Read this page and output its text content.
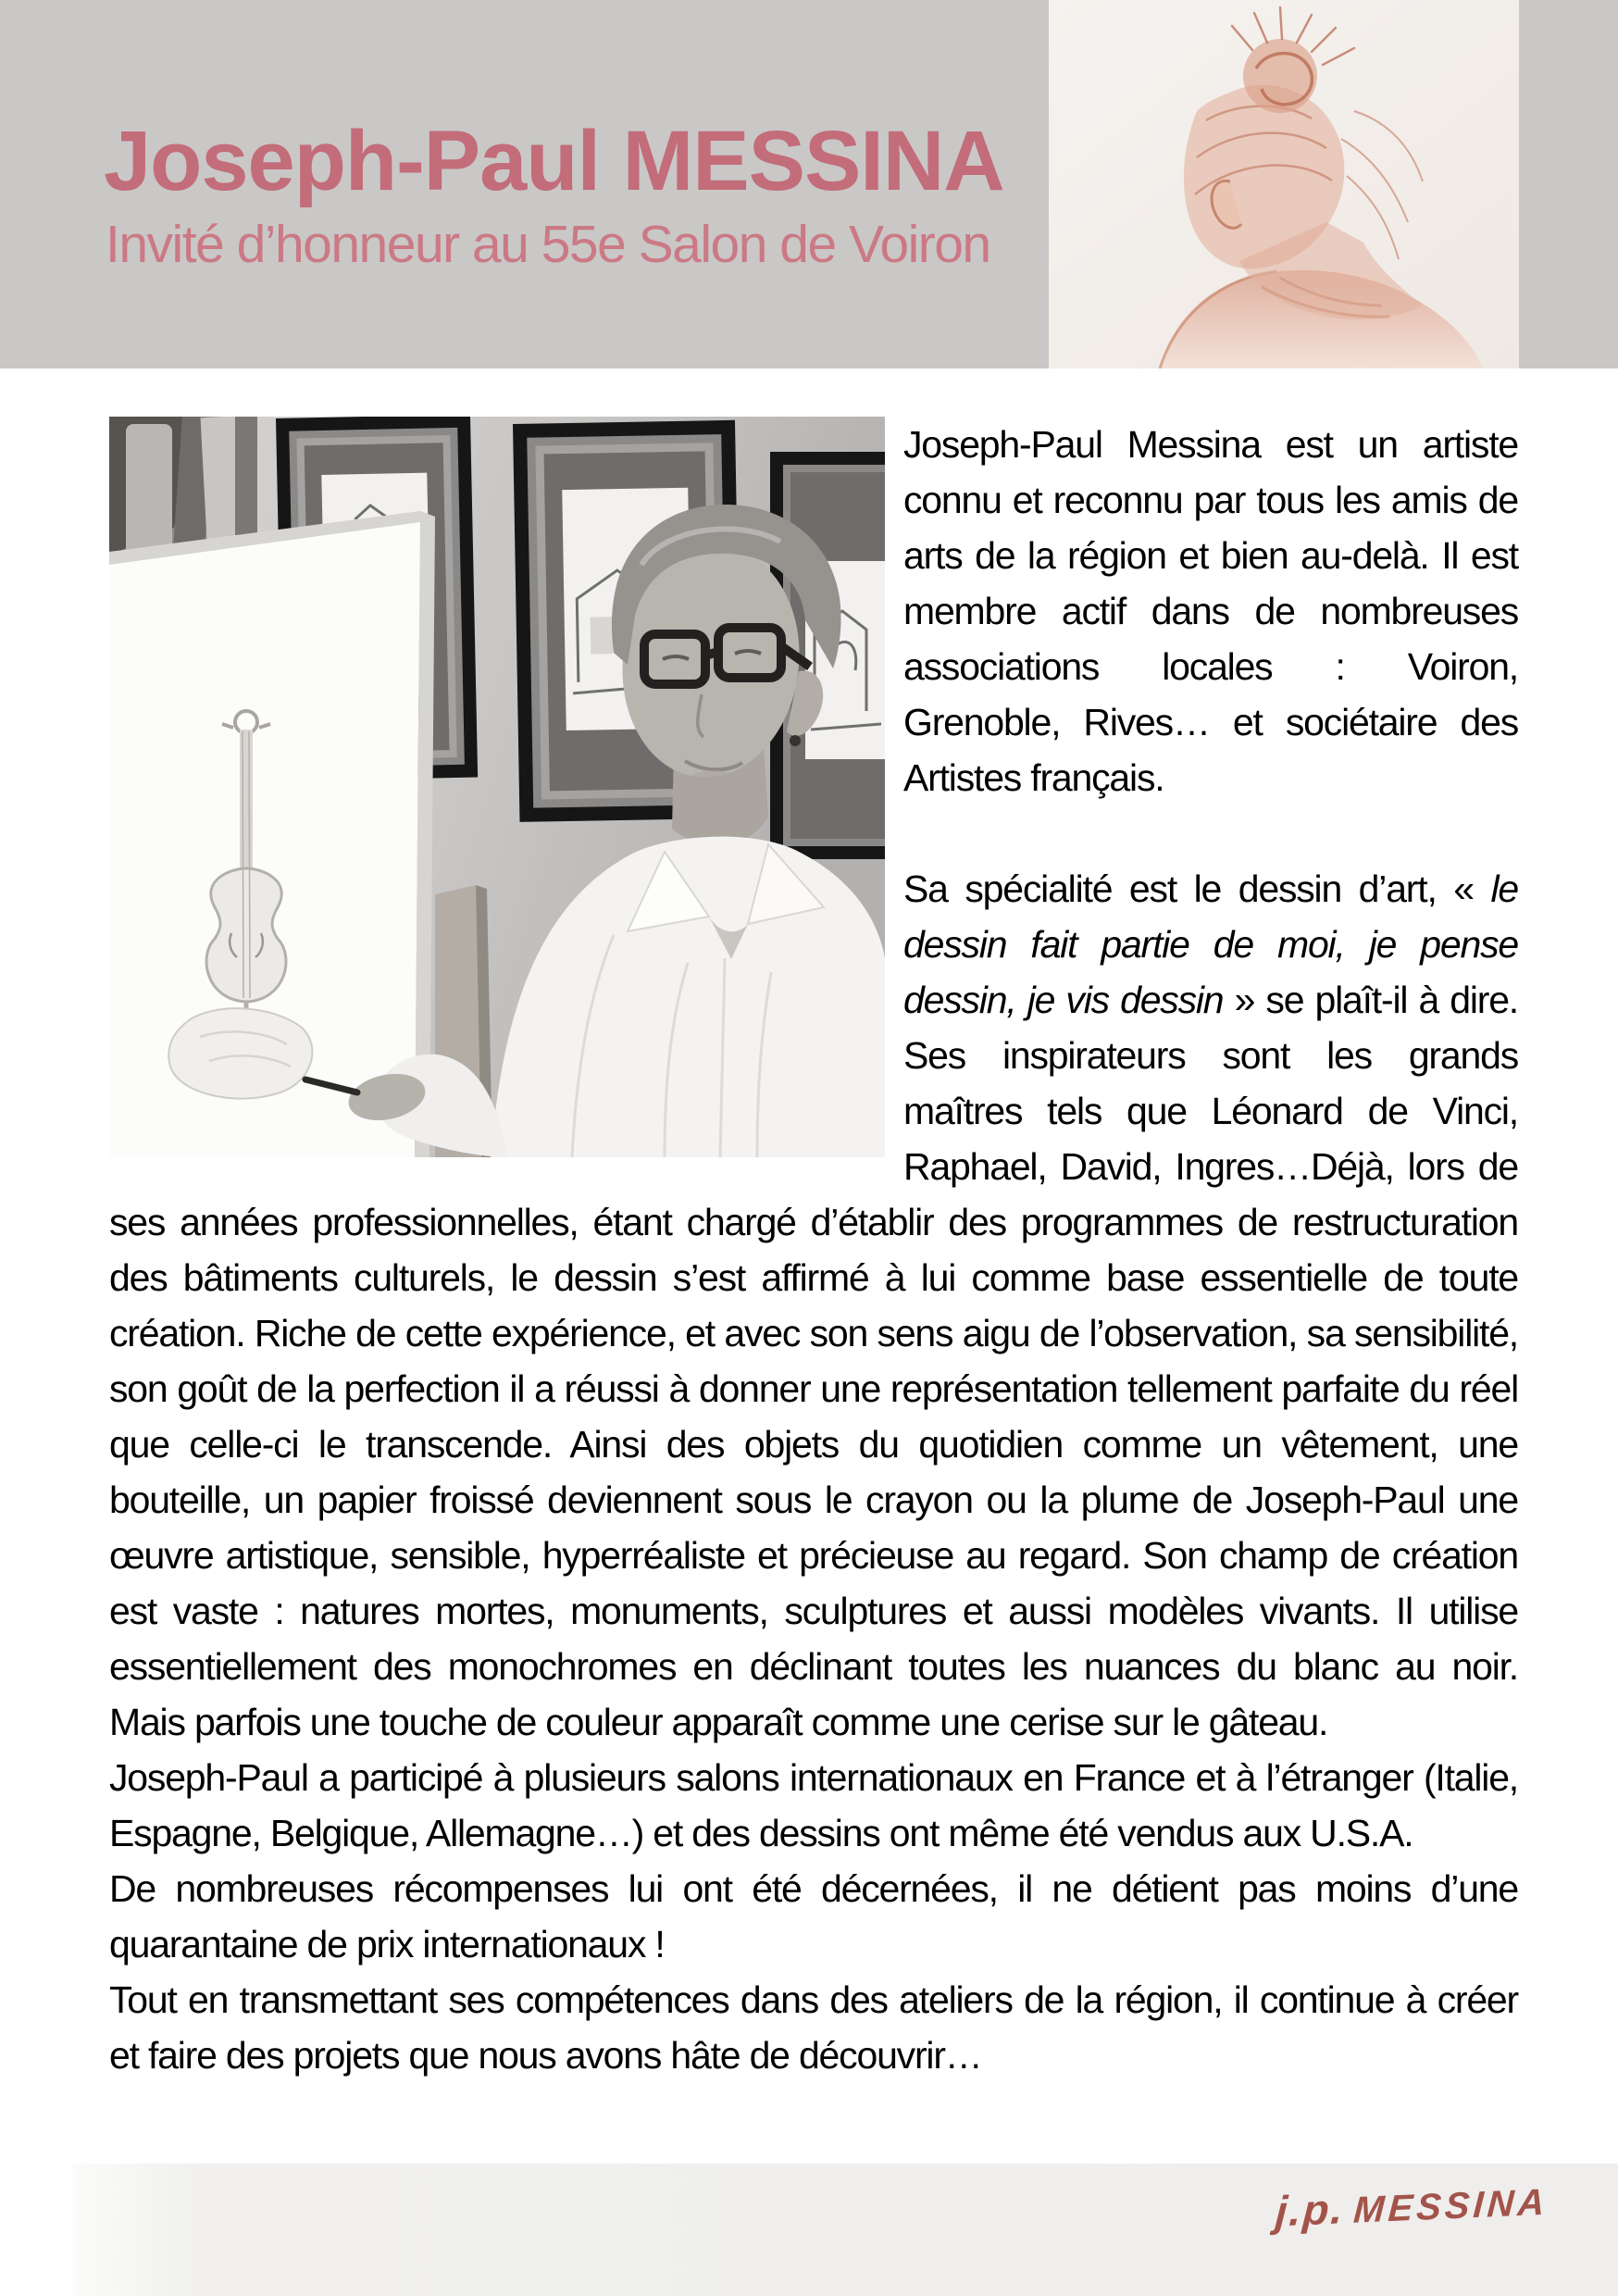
Joseph-Paul MESSINA
Invité d’honneur au 55e Salon de Voiron

Joseph-Paul Messina est un artiste connu et reconnu par tous les amis de arts de la région et bien au-delà. Il est membre actif dans de nombreuses associations locales : Voiron, Grenoble, Rives… et sociétaire des Artistes français.

Sa spécialité est le dessin d’art, « le dessin fait partie de moi, je pense dessin, je vis dessin » se plaît-il à dire. Ses inspirateurs sont les grands maîtres tels que Léonard de Vinci, Raphael, David, Ingres…Déjà, lors de ses années professionnelles, étant chargé d’établir des programmes de restructuration des bâtiments culturels, le dessin s’est affirmé à lui comme base essentielle de toute création. Riche de cette expérience, et avec son sens aigu de l’observation, sa sensibilité, son goût de la perfection il a réussi à donner une représentation tellement parfaite du réel que celle-ci le transcende. Ainsi des objets du quotidien comme un vêtement, une bouteille, un papier froissé deviennent sous le crayon ou la plume de Joseph-Paul une œuvre artistique, sensible, hyperréaliste et précieuse au regard. Son champ de création est vaste : natures mortes, monuments, sculptures et aussi modèles vivants. Il utilise essentiellement des monochromes en déclinant toutes les nuances du blanc au noir. Mais parfois une touche de couleur apparaît comme une cerise sur le gâteau.

Joseph-Paul a participé à plusieurs salons internationaux en France et à l’étranger (Italie, Espagne, Belgique, Allemagne…) et des dessins ont même été vendus aux U.S.A.

De nombreuses récompenses lui ont été décernées, il ne détient pas moins d’une quarantaine de prix internationaux !

Tout en transmettant ses compétences dans des ateliers de la région, il continue à créer et faire des projets que nous avons hâte de découvrir…

j.p. MESSINA
